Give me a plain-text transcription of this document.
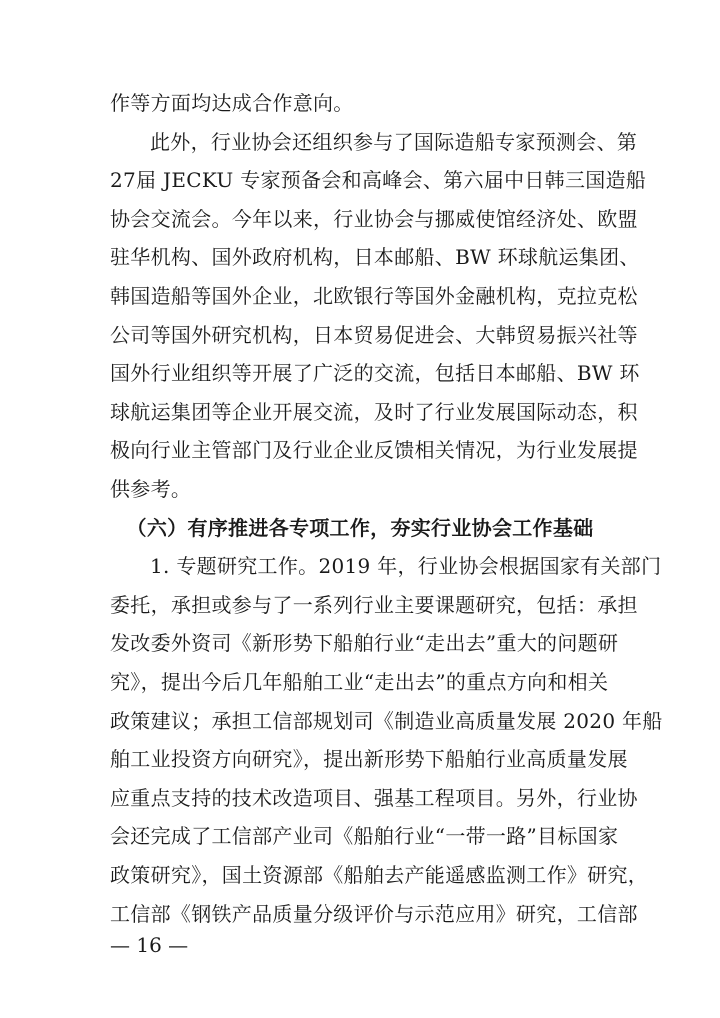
作等方面均达成合作意向。
此外，行业协会还组织参与了国际造船专家预测会、第
27届 JECKU 专家预备会和高峰会、第六届中日韩三国造船
协会交流会。今年以来，行业协会与挪威使馆经济处、欧盟
驻华机构、国外政府机构，日本邮船、BW 环球航运集团、
韩国造船等国外企业，北欧银行等国外金融机构，克拉克松
公司等国外研究机构，日本贸易促进会、大韩贸易振兴社等
国外行业组织等开展了广泛的交流，包括日本邮船、BW 环
球航运集团等企业开展交流，及时了行业发展国际动态，积
极向行业主管部门及行业企业反馈相关情况，为行业发展提
供参考。
（六）有序推进各专项工作，夯实行业协会工作基础
1. 专题研究工作。2019 年，行业协会根据国家有关部门
委托，承担或参与了一系列行业主要课题研究，包括：承担
发改委外资司《新形势下船舶行业“走出去”重大的问题研
究》，提出今后几年船舶工业“走出去”的重点方向和相关
政策建议；承担工信部规划司《制造业高质量发展 2020 年船
舶工业投资方向研究》，提出新形势下船舶行业高质量发展
应重点支持的技术改造项目、强基工程项目。另外，行业协
会还完成了工信部产业司《船舶行业“一带一路”目标国家
政策研究》，国土资源部《船舶去产能遥感监测工作》研究，
工信部《钢铁产品质量分级评价与示范应用》研究，工信部
— 16 —
